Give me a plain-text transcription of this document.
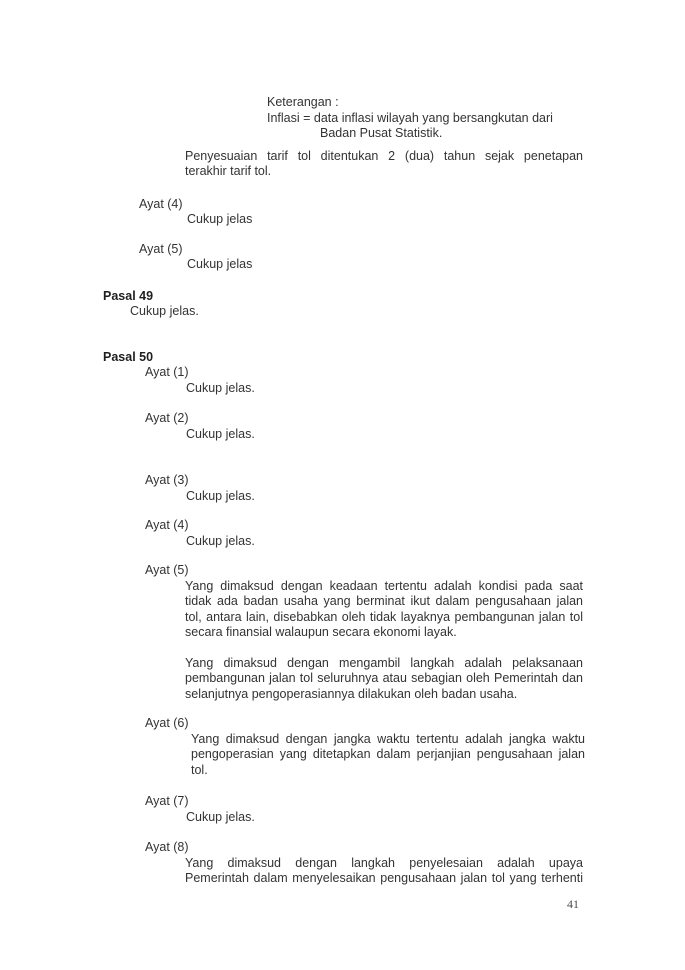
Keterangan :
Inflasi = data inflasi wilayah yang bersangkutan dari
Badan Pusat Statistik.
Penyesuaian tarif tol ditentukan 2 (dua) tahun sejak penetapan
terakhir tarif tol.
Ayat (4)
Cukup jelas
Ayat (5)
Cukup jelas
Pasal 49
Cukup jelas.
Pasal 50
Ayat (1)
Cukup jelas.
Ayat (2)
Cukup jelas.
Ayat (3)
Cukup jelas.
Ayat (4)
Cukup jelas.
Ayat (5)
Yang dimaksud dengan keadaan tertentu adalah kondisi pada saat
tidak ada badan usaha yang berminat ikut dalam pengusahaan jalan
tol, antara lain, disebabkan oleh tidak layaknya pembangunan jalan tol
secara finansial walaupun secara ekonomi layak.
Yang dimaksud dengan mengambil langkah adalah pelaksanaan
pembangunan jalan tol seluruhnya atau sebagian oleh Pemerintah dan
selanjutnya pengoperasiannya dilakukan oleh badan usaha.
Ayat (6)
Yang dimaksud dengan jangka waktu tertentu adalah jangka waktu
pengoperasian yang ditetapkan dalam perjanjian pengusahaan jalan
tol.
Ayat (7)
Cukup jelas.
Ayat (8)
Yang dimaksud dengan langkah penyelesaian adalah upaya
Pemerintah dalam menyelesaikan pengusahaan jalan tol yang terhenti
41
